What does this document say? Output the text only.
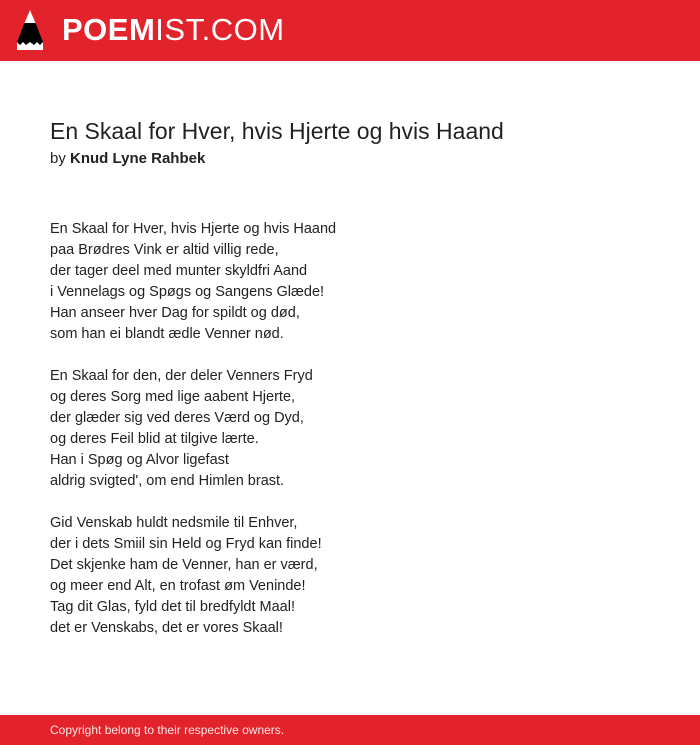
POEMIST.COM
En Skaal for Hver, hvis Hjerte og hvis Haand
by Knud Lyne Rahbek
En Skaal for Hver, hvis Hjerte og hvis Haand
paa Brødres Vink er altid villig rede,
der tager deel med munter skyldfri Aand
i Vennelags og Spøgs og Sangens Glæde!
Han anseer hver Dag for spildt og død,
som han ei blandt ædle Venner nød.
En Skaal for den, der deler Venners Fryd
og deres Sorg med lige aabent Hjerte,
der glæder sig ved deres Værd og Dyd,
og deres Feil blid at tilgive lærte.
Han i Spøg og Alvor ligefast
aldrig svigted', om end Himlen brast.
Gid Venskab huldt nedsmile til Enhver,
der i dets Smiil sin Held og Fryd kan finde!
Det skjenke ham de Venner, han er værd,
og meer end Alt, en trofast øm Veninde!
Tag dit Glas, fyld det til bredfyldt Maal!
det er Venskabs, det er vores Skaal!
Copyright belong to their respective owners.
